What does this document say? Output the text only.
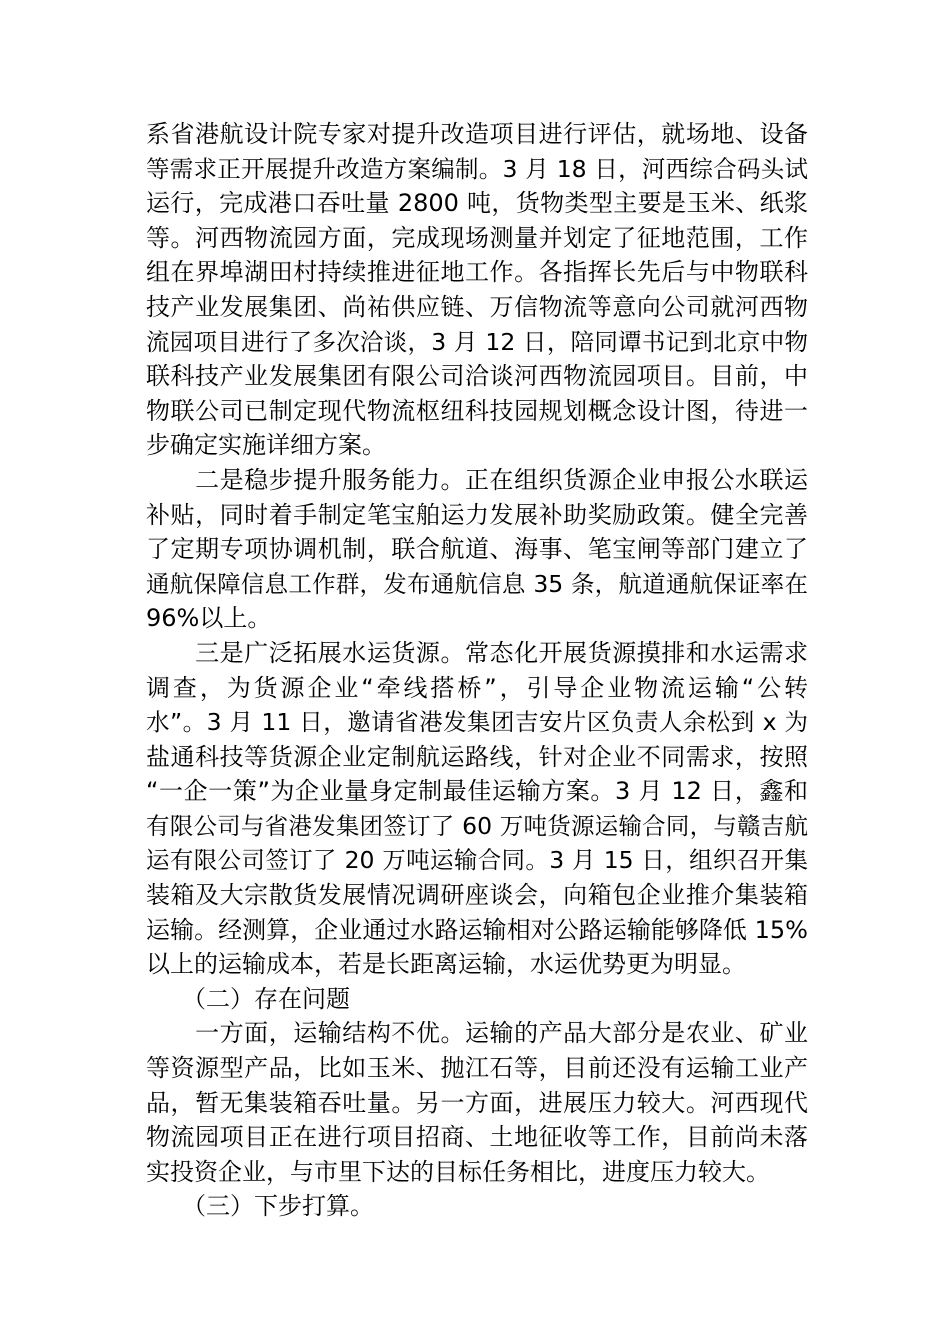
系省港航设计院专家对提升改造项目进行评估，就场地、设备
等需求正开展提升改造方案编制。3 月 18 日，河西综合码头试
运行，完成港口吞吐量 2800 吨，货物类型主要是玉米、纸浆
等。河西物流园方面，完成现场测量并划定了征地范围，工作
组在界埠湖田村持续推进征地工作。各指挥长先后与中物联科
技产业发展集团、尚祐供应链、万信物流等意向公司就河西物
流园项目进行了多次洽谈，3 月 12 日，陪同谭书记到北京中物
联科技产业发展集团有限公司洽谈河西物流园项目。目前，中
物联公司已制定现代物流枢纽科技园规划概念设计图，待进一
步确定实施详细方案。
　　二是稳步提升服务能力。正在组织货源企业申报公水联运
补贴，同时着手制定笔宝舶运力发展补助奖励政策。健全完善
了定期专项协调机制，联合航道、海事、笔宝闸等部门建立了
通航保障信息工作群，发布通航信息 35 条，航道通航保证率在
96%以上。
　　三是广泛拓展水运货源。常态化开展货源摸排和水运需求
调查，为货源企业“牵线搭桥”，引导企业物流运输“公转
水”。3 月 11 日，邀请省港发集团吉安片区负责人余松到 x 为
盐通科技等货源企业定制航运路线，针对企业不同需求，按照
“一企一策”为企业量身定制最佳运输方案。3 月 12 日，鑫和
有限公司与省港发集团签订了 60 万吨货源运输合同，与赣吉航
运有限公司签订了 20 万吨运输合同。3 月 15 日，组织召开集
装箱及大宗散货发展情况调研座谈会，向箱包企业推介集装箱
运输。经测算，企业通过水路运输相对公路运输能够降低 15%
以上的运输成本，若是长距离运输，水运优势更为明显。
　　（二）存在问题
　　一方面，运输结构不优。运输的产品大部分是农业、矿业
等资源型产品，比如玉米、抛江石等，目前还没有运输工业产
品，暂无集装箱吞吐量。另一方面，进展压力较大。河西现代
物流园项目正在进行项目招商、土地征收等工作，目前尚未落
实投资企业，与市里下达的目标任务相比，进度压力较大。
　　（三）下步打算。
